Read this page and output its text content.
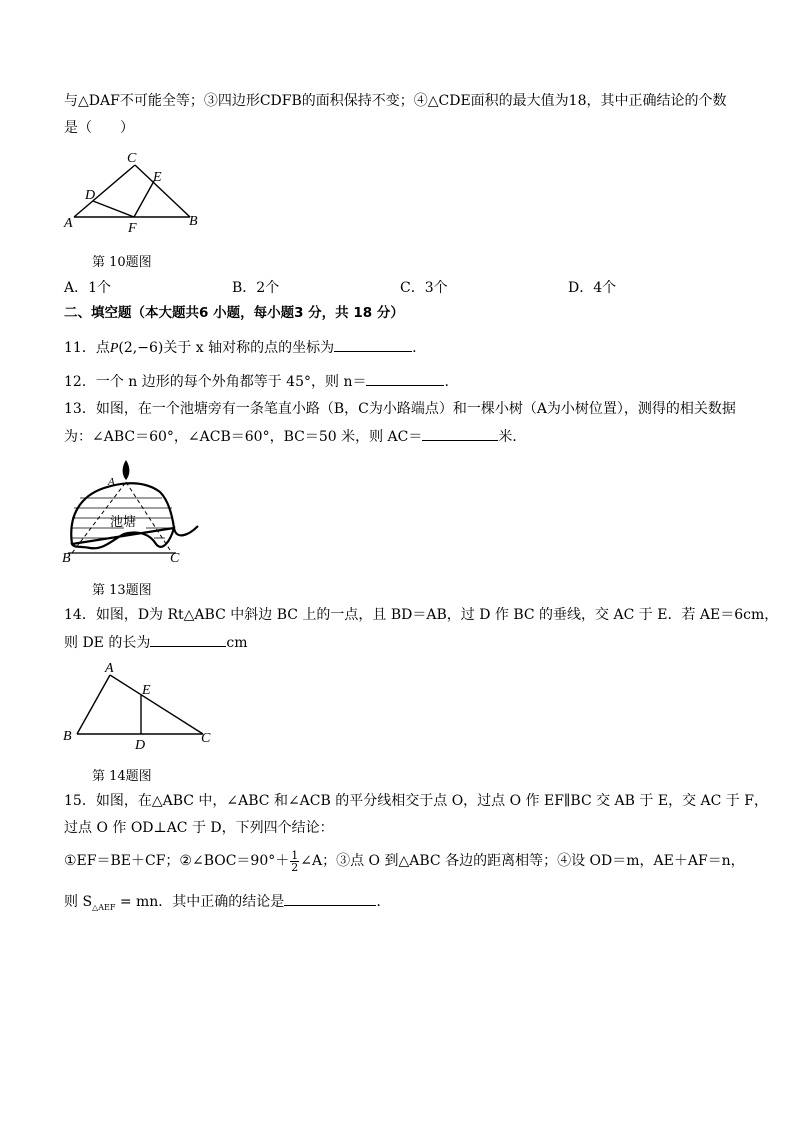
与△DAF不可能全等；③四边形CDFB的面积保持不变；④△CDE面积的最大值为18，其中正确结论的个数
是（　　）
C
D
E
A	B
F
第 10题图
A．1个	B．2个	C．3个	D．4个
二、填空题（本大题共6 小题，每小题3 分，共 18 分）
11．点P(2,−6)关于 x 轴对称的点的坐标为	.
12．一个 n 边形的每个外角都等于 45°，则 n＝	.
13．如图，在一个池塘旁有一条笔直小路（B，C为小路端点）和一棵小树（A为小树位置），测得的相关数据
为：∠ABC＝60°，∠ACB＝60°，BC＝50 米，则 AC＝	米．
池塘
A
B	C
第 13题图
14．如图，D为 Rt△ABC 中斜边 BC 上的一点，且 BD＝AB，过 D 作 BC 的垂线，交 AC 于 E．若 AE＝6cm，
则 DE 的长为	cm
A
E
B
D	C
第 14题图
15．如图，在△ABC 中，∠ABC 和∠ACB 的平分线相交于点 O，过点 O 作 EF∥BC 交 AB 于 E，交 AC 于 F，
过点 O 作 OD⊥AC 于 D，下列四个结论：
①EF＝BE＋CF；②∠BOC＝90°＋ $\frac{1}{2}$ ∠A；③点 O 到△ABC 各边的距离相等；④设 OD＝m，AE＋AF＝n，
则 $S_{\triangle AEF}$ = mn．其中正确的结论是	.
